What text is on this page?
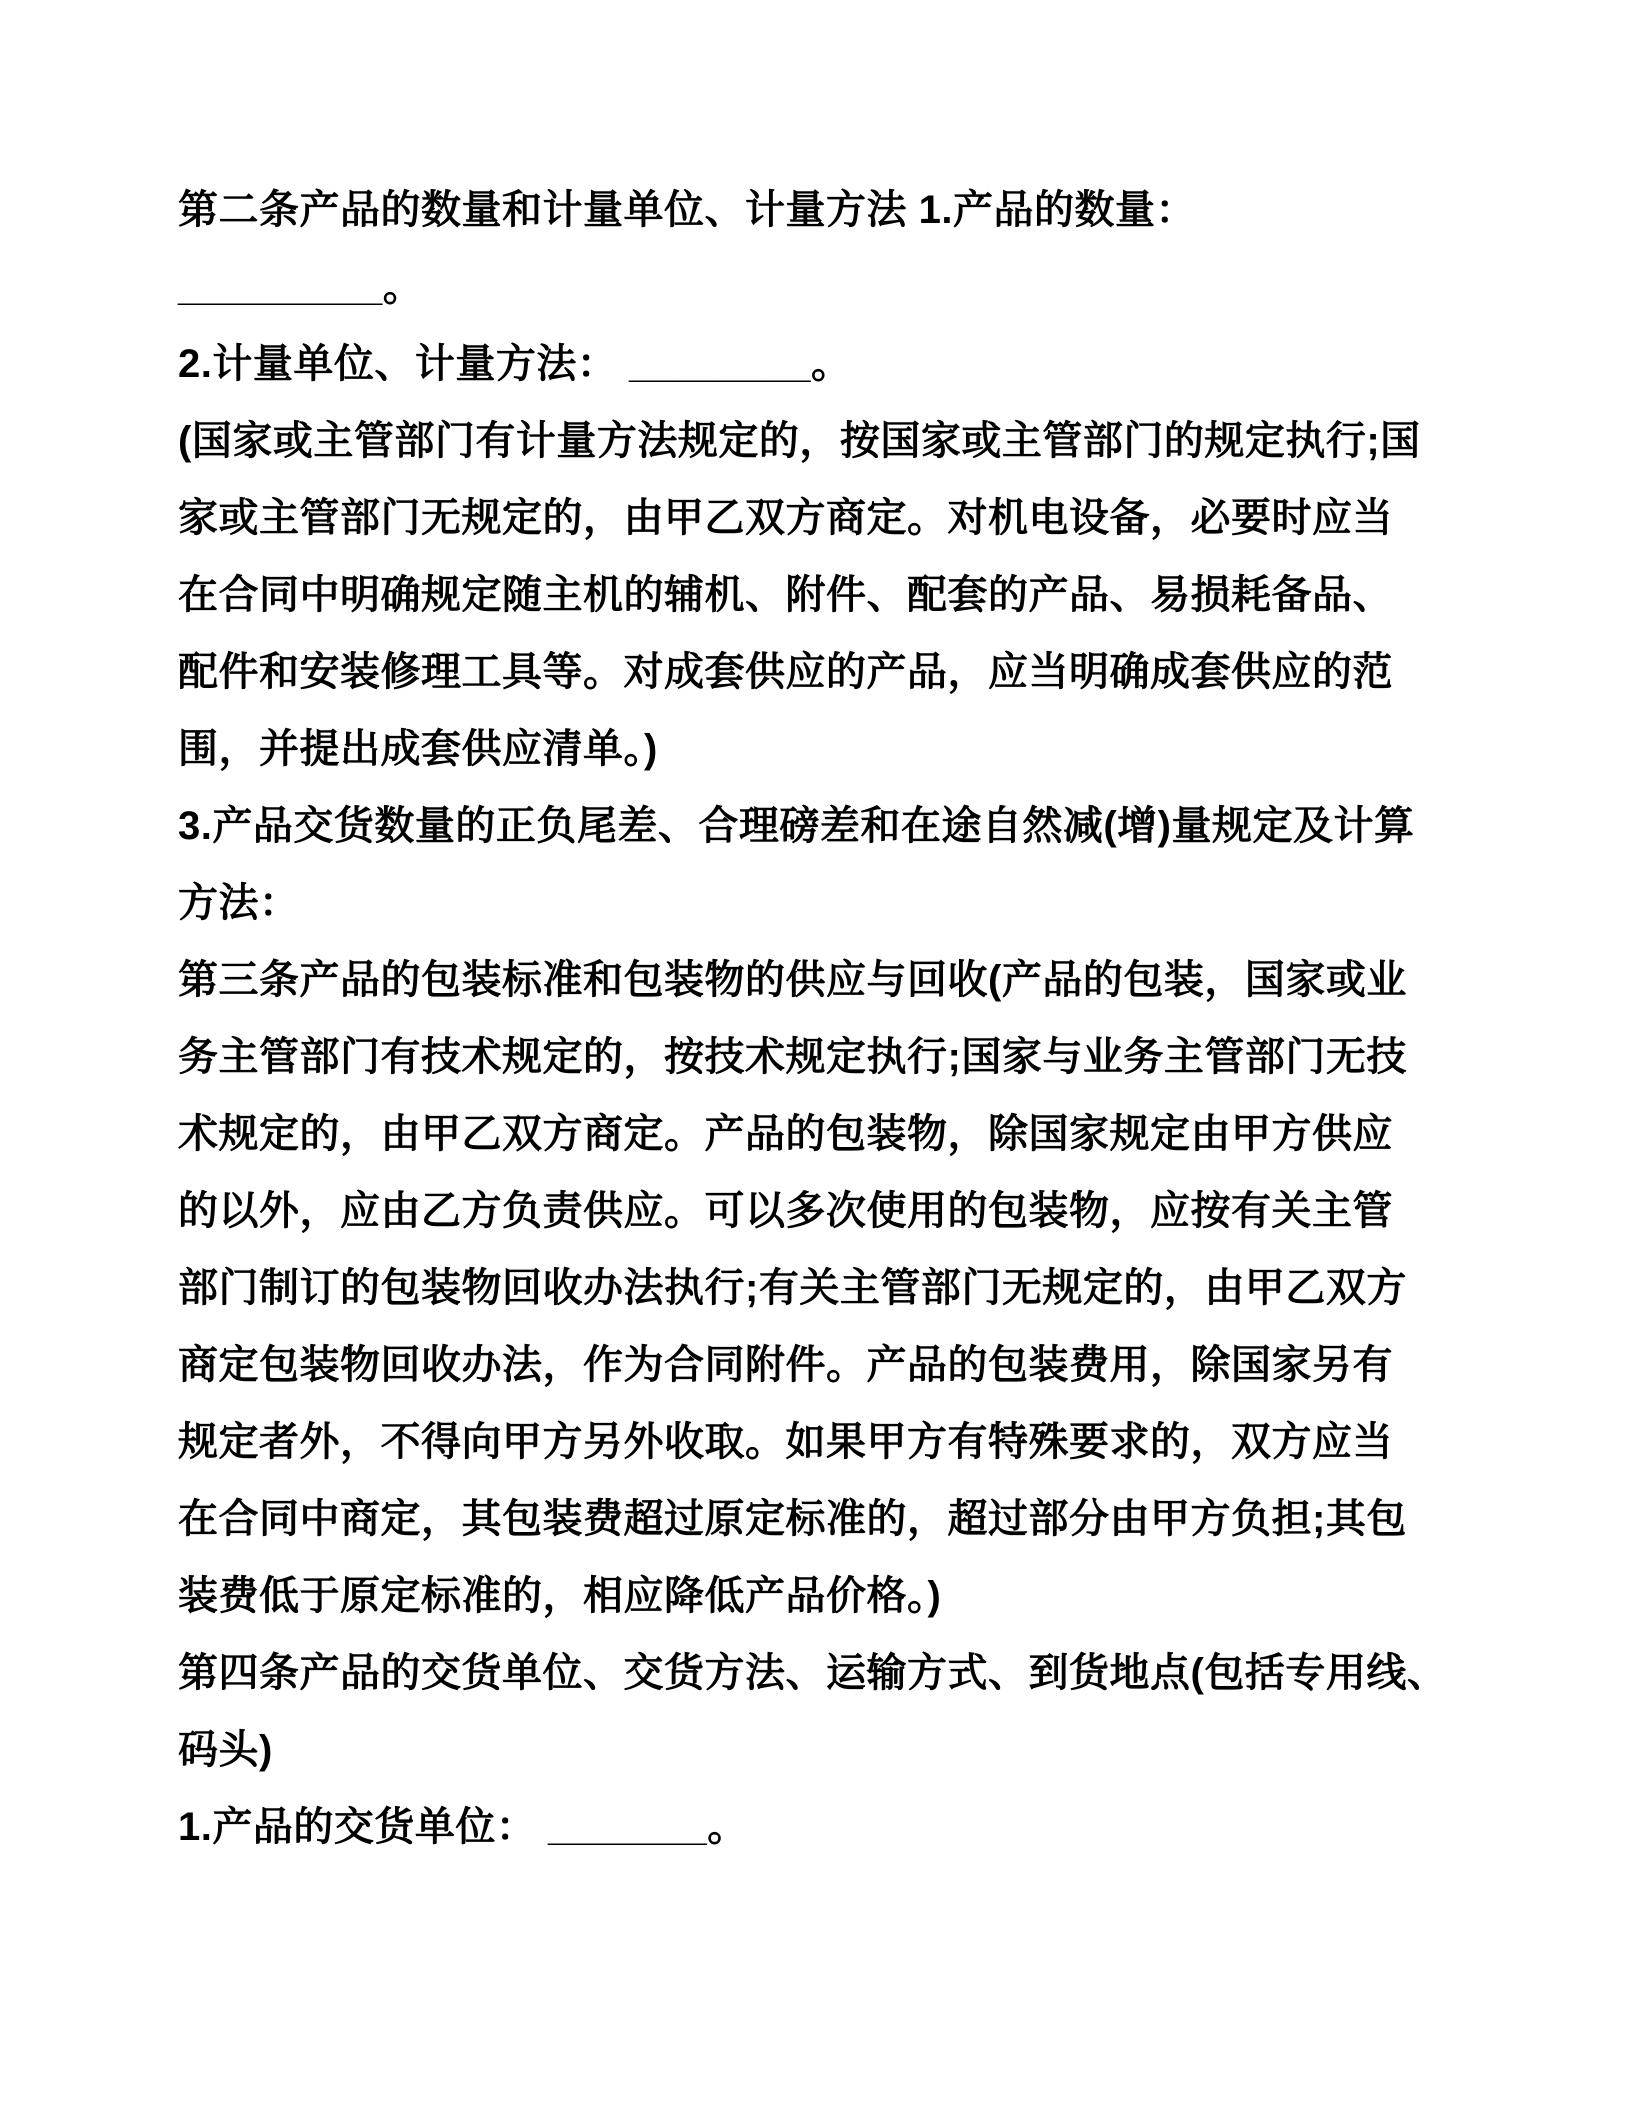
第二条产品的数量和计量单位、计量方法 1.产品的数量：
_________。
2.计量单位、计量方法： ________。
(国家或主管部门有计量方法规定的，按国家或主管部门的规定执行;国
家或主管部门无规定的，由甲乙双方商定。对机电设备，必要时应当
在合同中明确规定随主机的辅机、附件、配套的产品、易损耗备品、
配件和安装修理工具等。对成套供应的产品，应当明确成套供应的范
围，并提出成套供应清单。)
3.产品交货数量的正负尾差、合理磅差和在途自然减(增)量规定及计算
方法：
第三条产品的包装标准和包装物的供应与回收(产品的包装，国家或业
务主管部门有技术规定的，按技术规定执行;国家与业务主管部门无技
术规定的，由甲乙双方商定。产品的包装物，除国家规定由甲方供应
的以外，应由乙方负责供应。可以多次使用的包装物，应按有关主管
部门制订的包装物回收办法执行;有关主管部门无规定的，由甲乙双方
商定包装物回收办法，作为合同附件。产品的包装费用，除国家另有
规定者外，不得向甲方另外收取。如果甲方有特殊要求的，双方应当
在合同中商定，其包装费超过原定标准的，超过部分由甲方负担;其包
装费低于原定标准的，相应降低产品价格。)
第四条产品的交货单位、交货方法、运输方式、到货地点(包括专用线、
码头)
1.产品的交货单位： _______。
